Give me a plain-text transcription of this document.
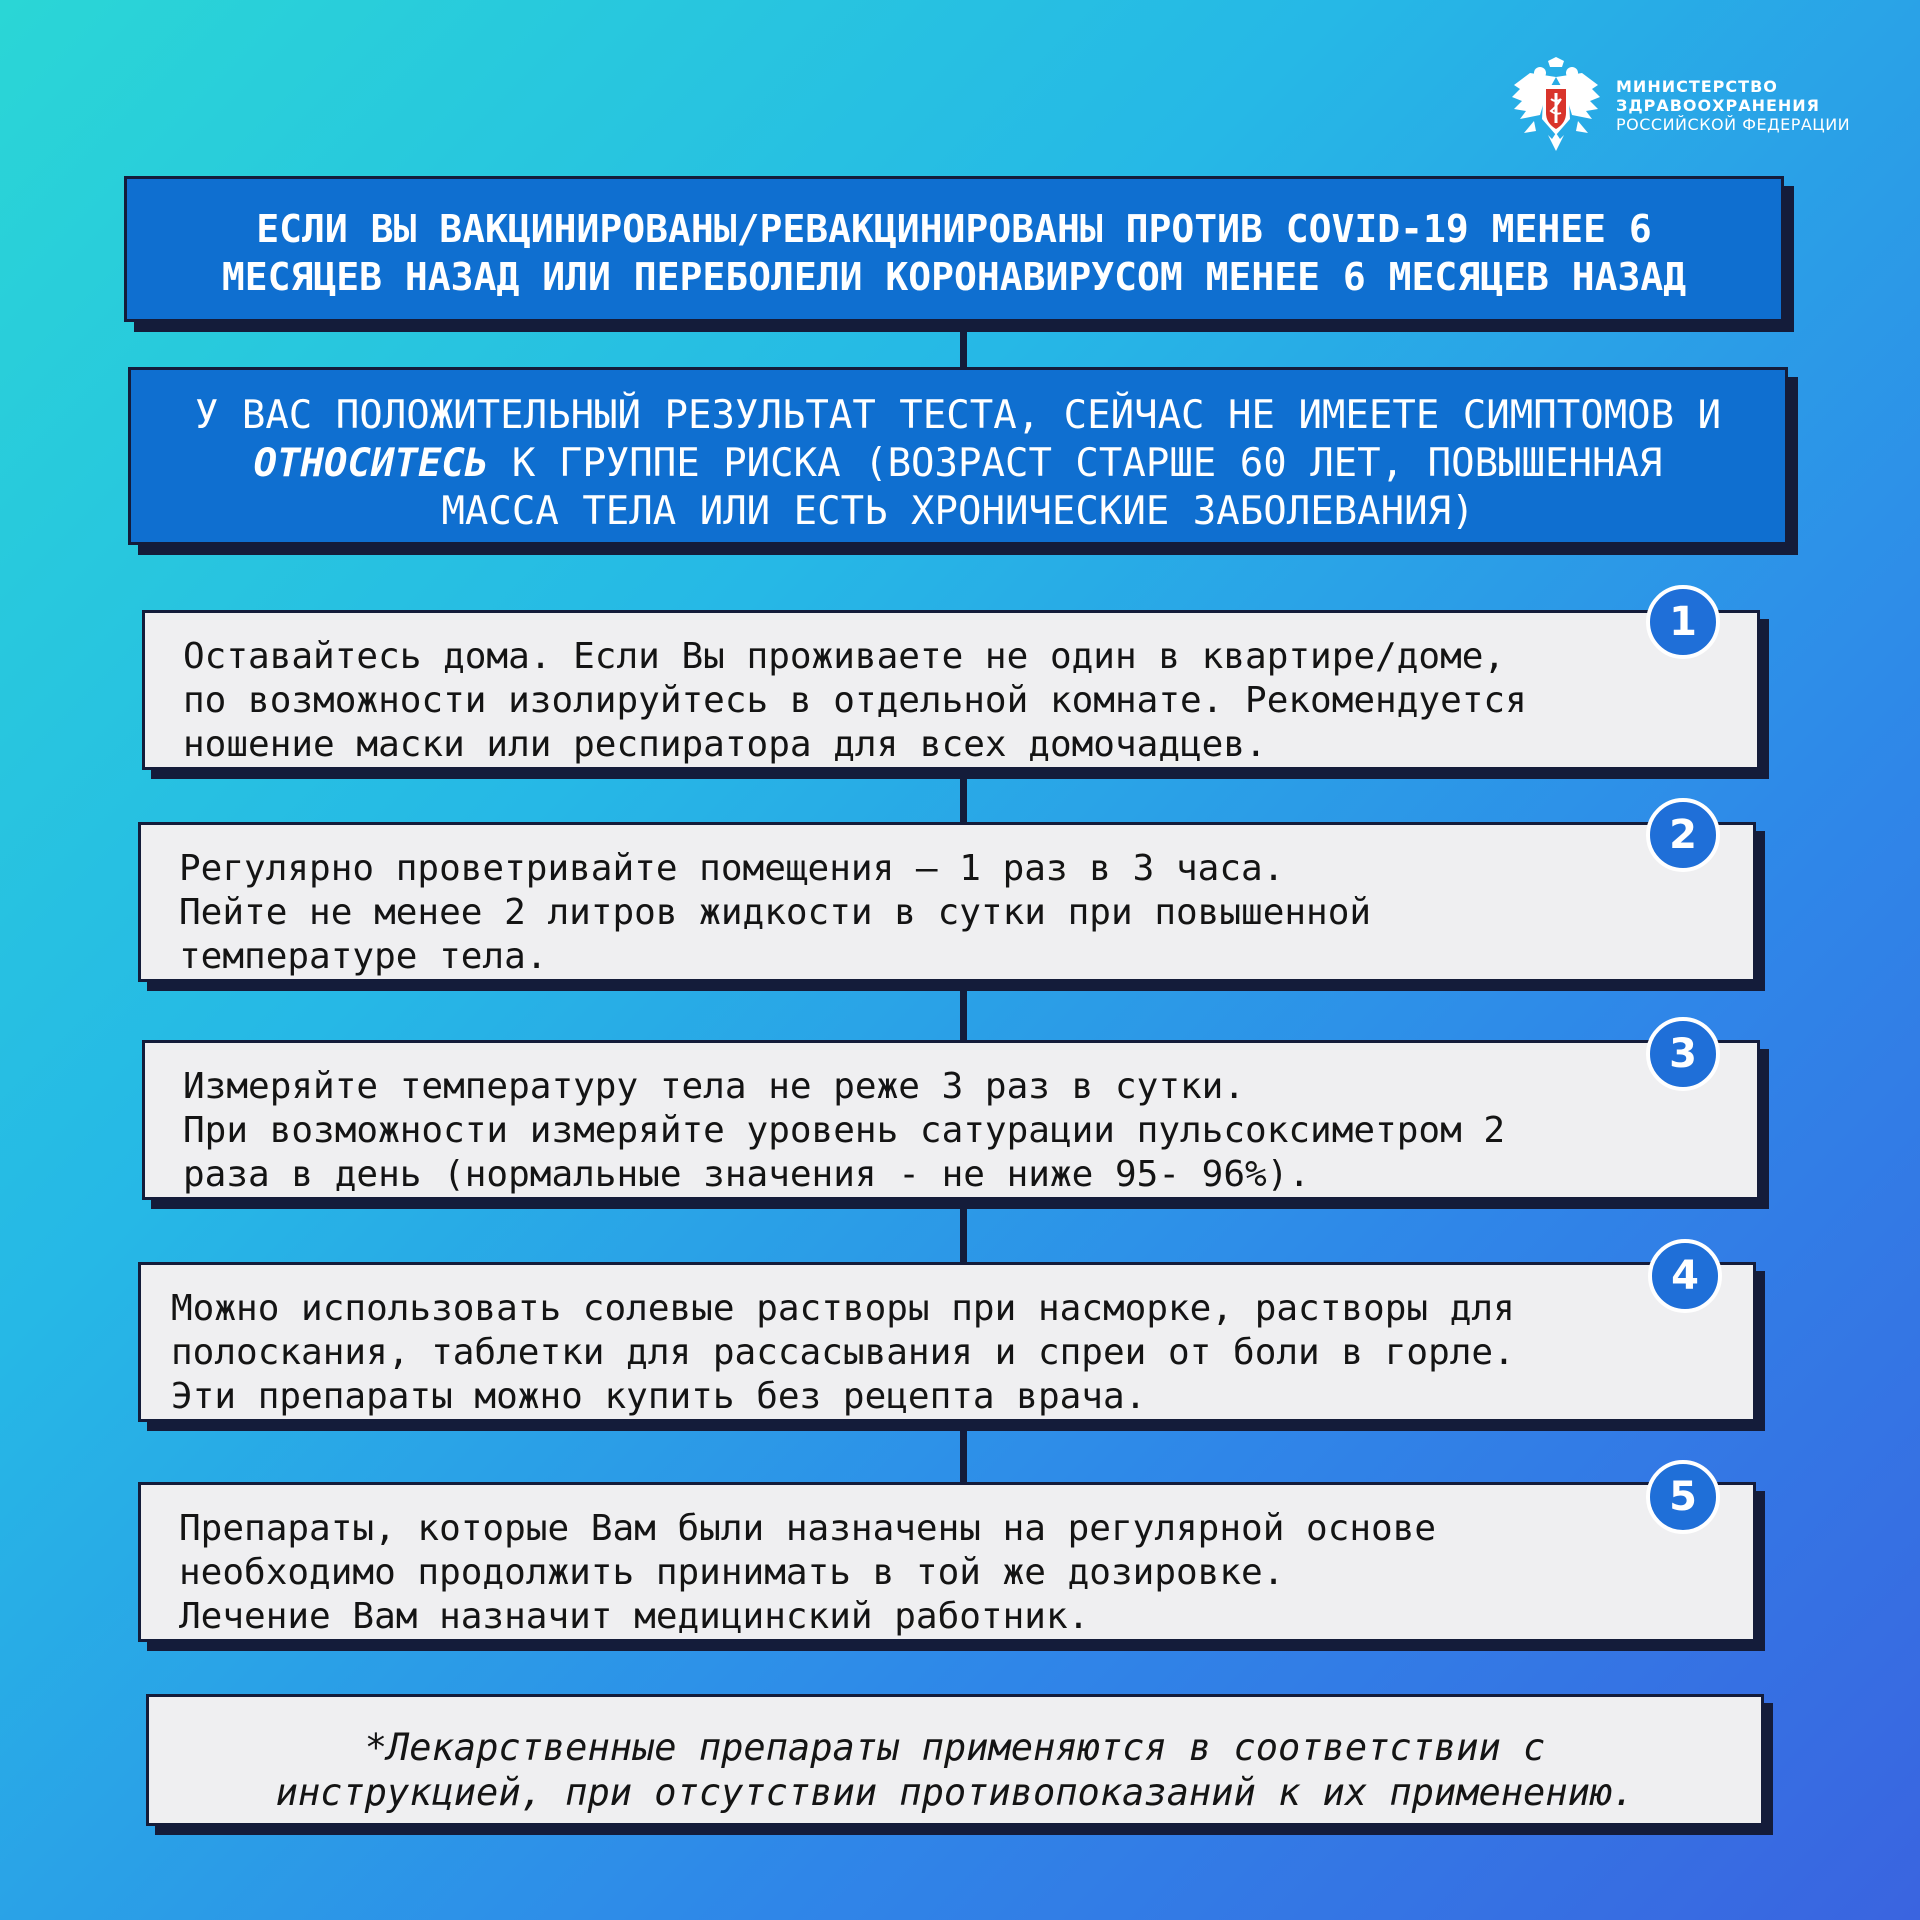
МИНИСТЕРСТВО
ЗДРАВООХРАНЕНИЯ
РОССИЙСКОЙ ФЕДЕРАЦИИ
ЕСЛИ ВЫ ВАКЦИНИРОВАНЫ/РЕВАКЦИНИРОВАНЫ ПРОТИВ COVID-19 МЕНЕЕ 6
МЕСЯЦЕВ НАЗАД ИЛИ ПЕРЕБОЛЕЛИ КОРОНАВИРУСОМ МЕНЕЕ 6 МЕСЯЦЕВ НАЗАД
У ВАС ПОЛОЖИТЕЛЬНЫЙ РЕЗУЛЬТАТ ТЕСТА, СЕЙЧАС НЕ ИМЕЕТЕ СИМПТОМОВ И
ОТНОСИТЕСЬ К ГРУППЕ РИСКА (ВОЗРАСТ СТАРШЕ 60 ЛЕТ, ПОВЫШЕННАЯ
МАССА ТЕЛА ИЛИ ЕСТЬ ХРОНИЧЕСКИЕ ЗАБОЛЕВАНИЯ)
Оставайтесь дома. Если Вы проживаете не один в квартире/доме,
по возможности изолируйтесь в отдельной комнате. Рекомендуется
ношение маски или респиратора для всех домочадцев.
1
Регулярно проветривайте помещения — 1 раз в 3 часа.
Пейте не менее 2 литров жидкости в сутки при повышенной
температуре тела.
2
Измеряйте температуру тела не реже 3 раз в сутки.
При возможности измеряйте уровень сатурации пульсоксиметром 2
раза в день (нормальные значения - не ниже 95- 96%).
3
Можно использовать солевые растворы при насморке, растворы для
полоскания, таблетки для рассасывания и спреи от боли в горле.
Эти препараты можно купить без рецепта врача.
4
Препараты, которые Вам были назначены на регулярной основе
необходимо продолжить принимать в той же дозировке.
Лечение Вам назначит медицинский работник.
5
*Лекарственные препараты применяются в соответствии с
инструкцией, при отсутствии противопоказаний к их применению.
